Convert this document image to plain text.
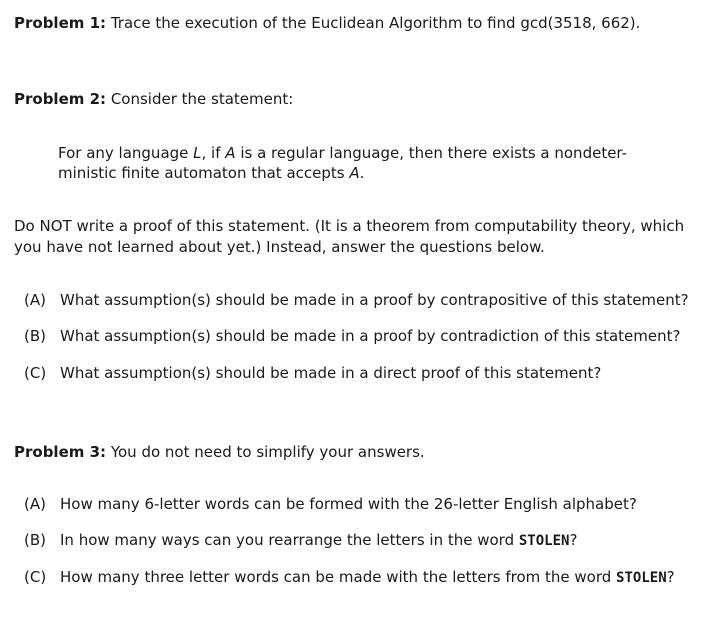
Problem 1: Trace the execution of the Euclidean Algorithm to find gcd(3518, 662).
Problem 2: Consider the statement:
For any language L, if A is a regular language, then there exists a nondeter-
ministic finite automaton that accepts A.
Do NOT write a proof of this statement. (It is a theorem from computability theory, which
you have not learned about yet.) Instead, answer the questions below.
(A) What assumption(s) should be made in a proof by contrapositive of this statement?
(B) What assumption(s) should be made in a proof by contradiction of this statement?
(C) What assumption(s) should be made in a direct proof of this statement?
Problem 3: You do not need to simplify your answers.
(A) How many 6-letter words can be formed with the 26-letter English alphabet?
(B) In how many ways can you rearrange the letters in the word STOLEN?
(C) How many three letter words can be made with the letters from the word STOLEN?
